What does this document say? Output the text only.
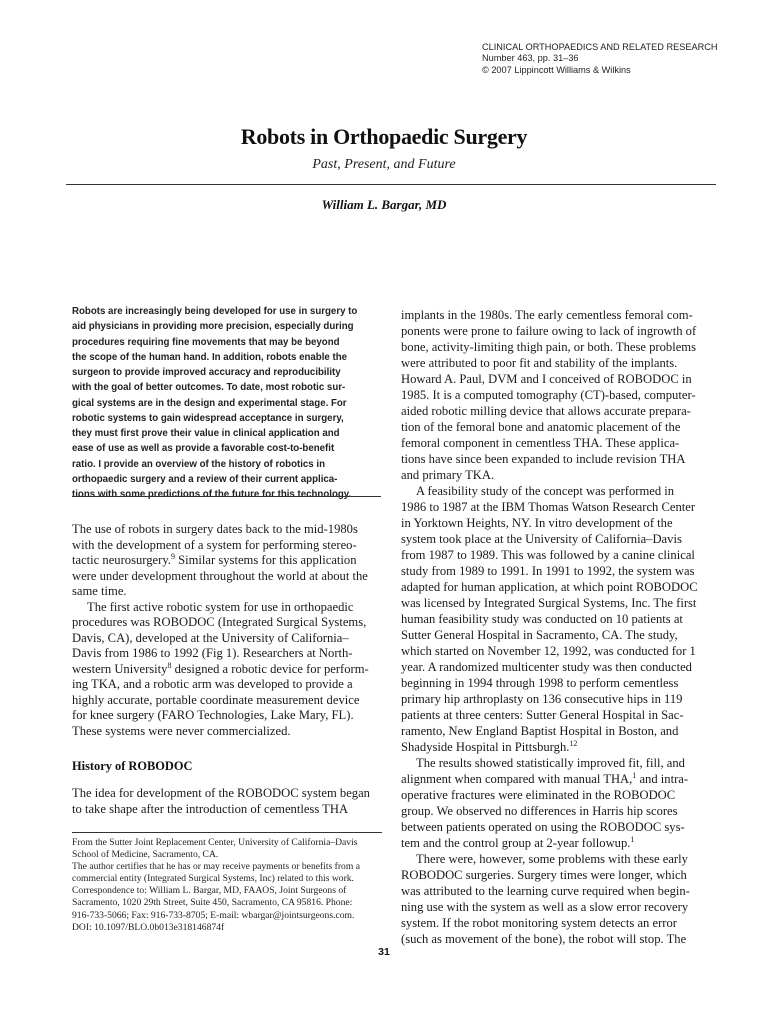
CLINICAL ORTHOPAEDICS AND RELATED RESEARCH
Number 463, pp. 31–36
© 2007 Lippincott Williams & Wilkins
Robots in Orthopaedic Surgery
Past, Present, and Future
William L. Bargar, MD
Robots are increasingly being developed for use in surgery to
aid physicians in providing more precision, especially during
procedures requiring fine movements that may be beyond
the scope of the human hand. In addition, robots enable the
surgeon to provide improved accuracy and reproducibility
with the goal of better outcomes. To date, most robotic sur-
gical systems are in the design and experimental stage. For
robotic systems to gain widespread acceptance in surgery,
they must first prove their value in clinical application and
ease of use as well as provide a favorable cost-to-benefit
ratio. I provide an overview of the history of robotics in
orthopaedic surgery and a review of their current applica-
tions with some predictions of the future for this technology.
The use of robots in surgery dates back to the mid-1980s
with the development of a system for performing stereo-
tactic neurosurgery.$^9$ Similar systems for this application
were under development throughout the world at about the
same time.
The first active robotic system for use in orthopaedic
procedures was ROBODOC (Integrated Surgical Systems,
Davis, CA), developed at the University of California–
Davis from 1986 to 1992 (Fig 1). Researchers at North-
western University$^8$ designed a robotic device for perform-
ing TKA, and a robotic arm was developed to provide a
highly accurate, portable coordinate measurement device
for knee surgery (FARO Technologies, Lake Mary, FL).
These systems were never commercialized.
History of ROBODOC
The idea for development of the ROBODOC system began
to take shape after the introduction of cementless THA
From the Sutter Joint Replacement Center, University of California–Davis
School of Medicine, Sacramento, CA.
The author certifies that he has or may receive payments or benefits from a
commercial entity (Integrated Surgical Systems, Inc) related to this work.
Correspondence to: William L. Bargar, MD, FAAOS, Joint Surgeons of
Sacramento, 1020 29th Street, Suite 450, Sacramento, CA 95816. Phone:
916-733-5066; Fax: 916-733-8705; E-mail: wbargar@jointsurgeons.com.
DOI: 10.1097/BLO.0b013e318146874f
implants in the 1980s. The early cementless femoral com-
ponents were prone to failure owing to lack of ingrowth of
bone, activity-limiting thigh pain, or both. These problems
were attributed to poor fit and stability of the implants.
Howard A. Paul, DVM and I conceived of ROBODOC in
1985. It is a computed tomography (CT)-based, computer-
aided robotic milling device that allows accurate prepara-
tion of the femoral bone and anatomic placement of the
femoral component in cementless THA. These applica-
tions have since been expanded to include revision THA
and primary TKA.
A feasibility study of the concept was performed in
1986 to 1987 at the IBM Thomas Watson Research Center
in Yorktown Heights, NY. In vitro development of the
system took place at the University of California–Davis
from 1987 to 1989. This was followed by a canine clinical
study from 1989 to 1991. In 1991 to 1992, the system was
adapted for human application, at which point ROBODOC
was licensed by Integrated Surgical Systems, Inc. The first
human feasibility study was conducted on 10 patients at
Sutter General Hospital in Sacramento, CA. The study,
which started on November 12, 1992, was conducted for 1
year. A randomized multicenter study was then conducted
beginning in 1994 through 1998 to perform cementless
primary hip arthroplasty on 136 consecutive hips in 119
patients at three centers: Sutter General Hospital in Sac-
ramento, New England Baptist Hospital in Boston, and
Shadyside Hospital in Pittsburgh.$^{12}$
The results showed statistically improved fit, fill, and
alignment when compared with manual THA,$^1$ and intra-
operative fractures were eliminated in the ROBODOC
group. We observed no differences in Harris hip scores
between patients operated on using the ROBODOC sys-
tem and the control group at 2-year followup.$^1$
There were, however, some problems with these early
ROBODOC surgeries. Surgery times were longer, which
was attributed to the learning curve required when begin-
ning use with the system as well as a slow error recovery
system. If the robot monitoring system detects an error
(such as movement of the bone), the robot will stop. The
31
